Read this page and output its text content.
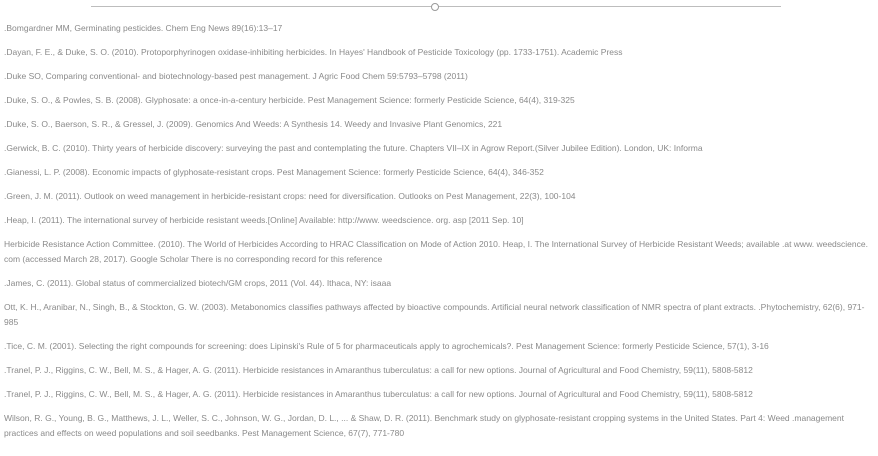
.Bomgardner MM, Germinating pesticides. Chem Eng News 89(16):13–17
.Dayan, F. E., & Duke, S. O. (2010). Protoporphyrinogen oxidase-inhibiting herbicides. In Hayes' Handbook of Pesticide Toxicology (pp. 1733-1751). Academic Press
.Duke SO, Comparing conventional- and biotechnology-based pest management. J Agric Food Chem 59:5793–5798 (2011)
.Duke, S. O., & Powles, S. B. (2008). Glyphosate: a once-in-a-century herbicide. Pest Management Science: formerly Pesticide Science, 64(4), 319-325
.Duke, S. O., Baerson, S. R., & Gressel, J. (2009). Genomics And Weeds: A Synthesis 14. Weedy and Invasive Plant Genomics, 221
.Gerwick, B. C. (2010). Thirty years of herbicide discovery: surveying the past and contemplating the future. Chapters VII–IX in Agrow Report.(Silver Jubilee Edition). London, UK: Informa
.Gianessi, L. P. (2008). Economic impacts of glyphosate-resistant crops. Pest Management Science: formerly Pesticide Science, 64(4), 346-352
.Green, J. M. (2011). Outlook on weed management in herbicide-resistant crops: need for diversification. Outlooks on Pest Management, 22(3), 100-104
.Heap, I. (2011). The international survey of herbicide resistant weeds.[Online] Available: http://www. weedscience. org. asp [2011 Sep. 10]
Herbicide Resistance Action Committee. (2010). The World of Herbicides According to HRAC Classification on Mode of Action 2010. Heap, I. The International Survey of Herbicide Resistant Weeds; available .at www. weedscience. com (accessed March 28, 2017). Google Scholar There is no corresponding record for this reference
.James, C. (2011). Global status of commercialized biotech/GM crops, 2011 (Vol. 44). Ithaca, NY: isaaa
Ott, K. H., Aranibar, N., Singh, B., & Stockton, G. W. (2003). Metabonomics classifies pathways affected by bioactive compounds. Artificial neural network classification of NMR spectra of plant extracts. .Phytochemistry, 62(6), 971-985
.Tice, C. M. (2001). Selecting the right compounds for screening: does Lipinski's Rule of 5 for pharmaceuticals apply to agrochemicals?. Pest Management Science: formerly Pesticide Science, 57(1), 3-16
.Tranel, P. J., Riggins, C. W., Bell, M. S., & Hager, A. G. (2011). Herbicide resistances in Amaranthus tuberculatus: a call for new options. Journal of Agricultural and Food Chemistry, 59(11), 5808-5812
.Tranel, P. J., Riggins, C. W., Bell, M. S., & Hager, A. G. (2011). Herbicide resistances in Amaranthus tuberculatus: a call for new options. Journal of Agricultural and Food Chemistry, 59(11), 5808-5812
Wilson, R. G., Young, B. G., Matthews, J. L., Weller, S. C., Johnson, W. G., Jordan, D. L., ... & Shaw, D. R. (2011). Benchmark study on glyphosate-resistant cropping systems in the United States. Part 4: Weed .management practices and effects on weed populations and soil seedbanks. Pest Management Science, 67(7), 771-780
